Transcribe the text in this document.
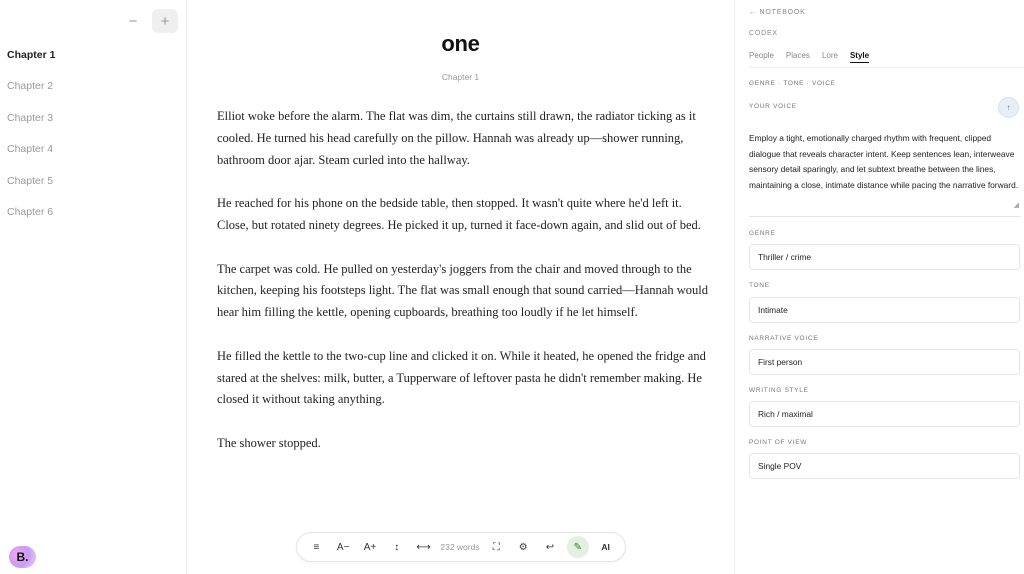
−	+
Chapter 1
Chapter 2
Chapter 3
Chapter 4
Chapter 5
Chapter 6
B.
one
Chapter 1

Elliot woke before the alarm. The flat was dim, the curtains still drawn, the radiator ticking as it cooled. He turned his head carefully on the pillow. Hannah was already up—shower running, bathroom door ajar. Steam curled into the hallway.

He reached for his phone on the bedside table, then stopped. It wasn't quite where he'd left it. Close, but rotated ninety degrees. He picked it up, turned it face-down again, and slid out of bed.

The carpet was cold. He pulled on yesterday's joggers from the chair and moved through to the kitchen, keeping his footsteps light. The flat was small enough that sound carried—Hannah would hear him filling the kettle, opening cupboards, breathing too loudly if he let himself.

He filled the kettle to the two-cup line and clicked it on. While it heated, he opened the fridge and stared at the shelves: milk, butter, a Tupperware of leftover pasta he didn't remember making. He closed it without taking anything.

The shower stopped.

≡	A−	A+	↕	⟷	232 words	⛶	⚙	↩	✎	AI
← NOTEBOOK
CODEX
People Places Lore Style
GENRE · TONE · VOICE
YOUR VOICE	↑
Employ a tight, emotionally charged rhythm with frequent, clipped dialogue that reveals character intent. Keep sentences lean, interweave sensory detail sparingly, and let subtext breathe between the lines, maintaining a close, intimate distance while pacing the narrative forward.
◢
GENRE
Thriller / crime
TONE
Intimate
NARRATIVE VOICE
First person
WRITING STYLE
Rich / maximal
POINT OF VIEW
Single POV
